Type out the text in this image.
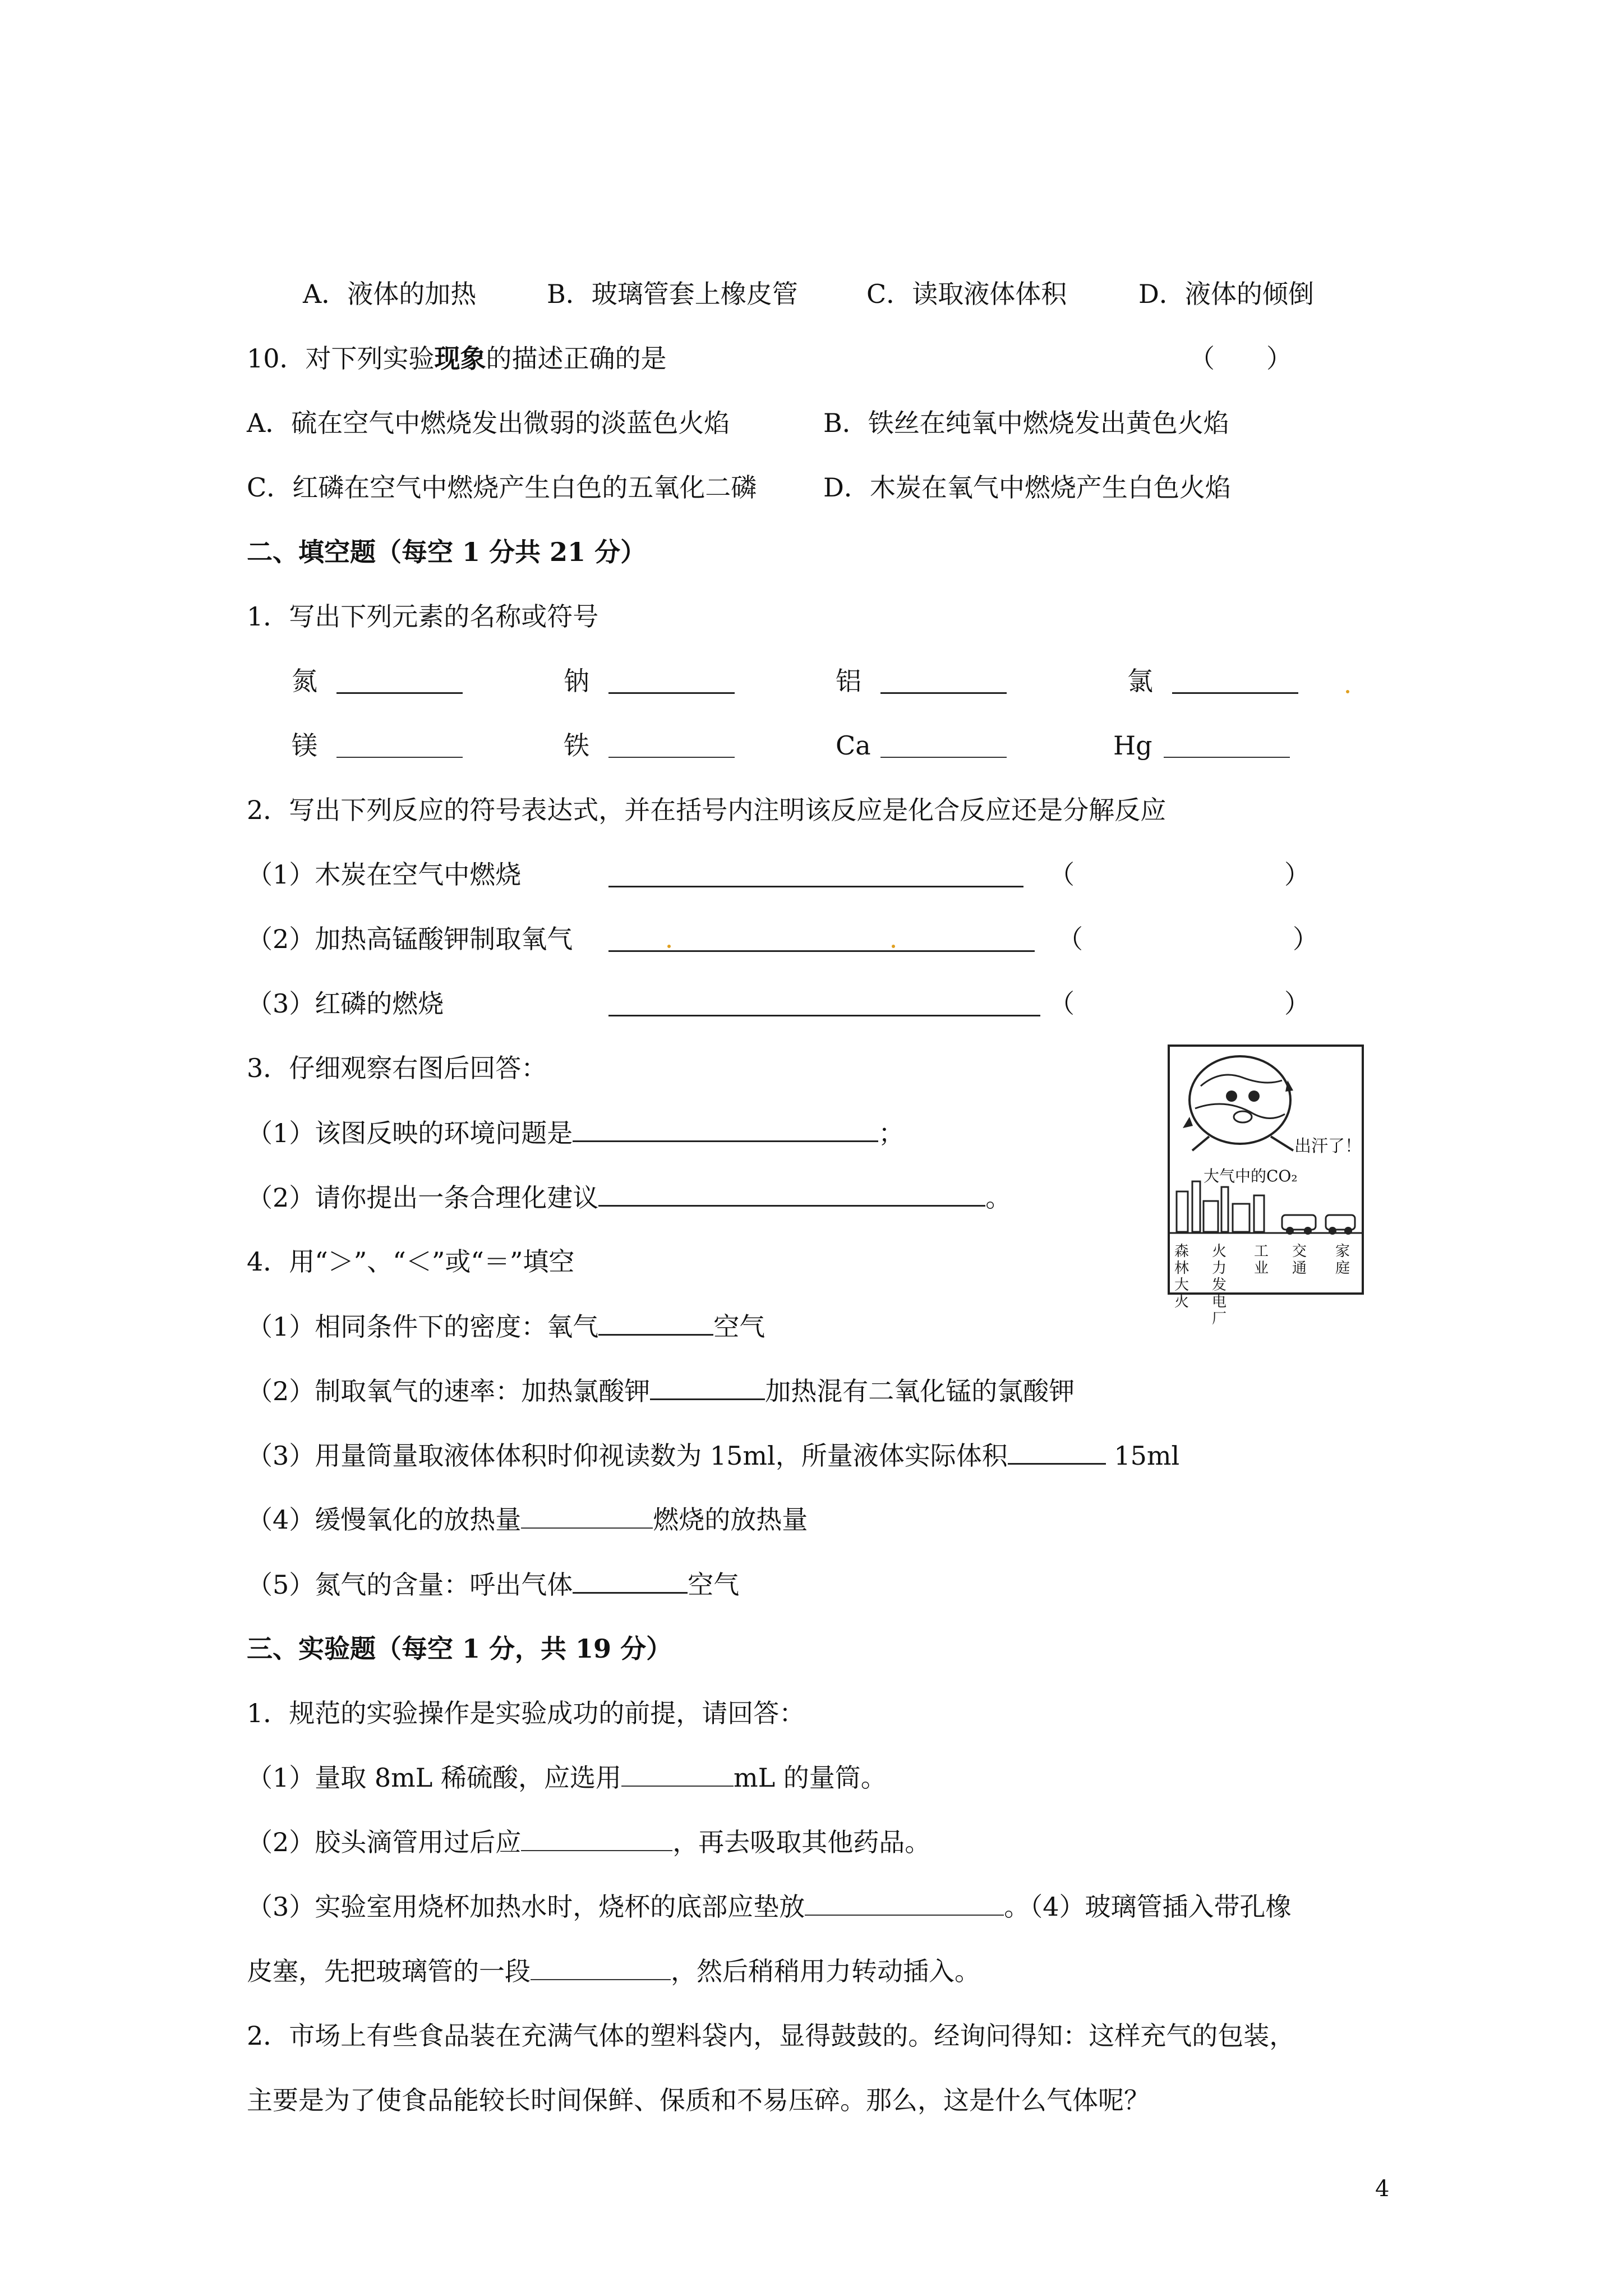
A．液体的加热	B．玻璃管套上橡皮管	C．读取液体体积	D．液体的倾倒
10．对下列实验现象的描述正确的是	（　　）
A．硫在空气中燃烧发出微弱的淡蓝色火焰	B．铁丝在纯氧中燃烧发出黄色火焰
C．红磷在空气中燃烧产生白色的五氧化二磷	D．木炭在氧气中燃烧产生白色火焰
二、填空题（每空 1 分共 21 分）
1．写出下列元素的名称或符号
氮	钠	铝	氯
镁	铁	Ca	Hg
2．写出下列反应的符号表达式，并在括号内注明该反应是化合反应还是分解反应
（1）木炭在空气中燃烧	（	）
（2）加热高锰酸钾制取氧气	（	）
（3）红磷的燃烧	（	）
3．仔细观察右图后回答：
（1）该图反映的环境问题是	；
（2）请你提出一条合理化建议	。
出汗了！
大气中的CO₂
森林大火
火力发电厂
工业
交通
家庭
4．用“＞”、“＜”或“＝”填空
（1）相同条件下的密度：氧气	空气
（2）制取氧气的速率：加热氯酸钾	加热混有二氧化锰的氯酸钾
（3）用量筒量取液体体积时仰视读数为 15ml，所量液体实际体积	15ml
（4）缓慢氧化的放热量	燃烧的放热量
（5）氮气的含量：呼出气体	空气
三、实验题（每空 1 分，共 19 分）
1．规范的实验操作是实验成功的前提，请回答：
（1）量取 8mL 稀硫酸，应选用	mL 的量筒。
（2）胶头滴管用过后应	，再去吸取其他药品。
（3）实验室用烧杯加热水时，烧杯的底部应垫放	。（4）玻璃管插入带孔橡
皮塞，先把玻璃管的一段	，然后稍稍用力转动插入。
2．市场上有些食品装在充满气体的塑料袋内，显得鼓鼓的。经询问得知：这样充气的包装，
主要是为了使食品能较长时间保鲜、保质和不易压碎。那么，这是什么气体呢？
4
